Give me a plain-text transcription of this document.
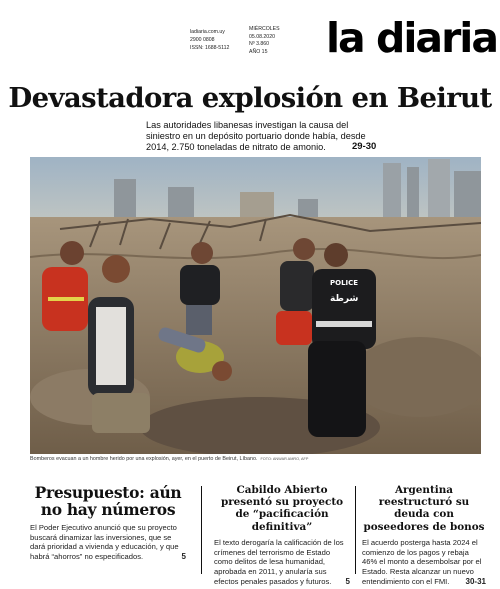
ladiaria.com.uy
2900 0808
ISSN: 1688-5112
MIÉRCOLES
05.08.2020
Nº 3.860
AÑO 15 la diaria
Devastadora explosión en Beirut

Las autoridades libanesas investigan la causa del siniestro en un depósito portuario donde había, desde 2014, 2.750 toneladas de nitrato de amonio.	29-30
POLICE
شرطة
Bomberos evacuan a un hombre herido por una explosión, ayer, en el puerto de Beirut, Líbano. FOTO: ANWAR AMRO, AFP
Presupuesto: aún no hay números

El Poder Ejecutivo anunció que su proyecto buscará dinamizar las inversiones, que se dará prioridad a vivienda y educación, y que habrá “ahorros” no especificados.	5

Cabildo Abierto presentó su proyecto de “pacificación definitiva”

El texto derogaría la calificación de los crímenes del terrorismo de Estado como delitos de lesa humanidad, aprobada en 2011, y anularía sus efectos penales pasados y futuros. 5

Argentina reestructuró su deuda con poseedores de bonos

El acuerdo posterga hasta 2024 el comienzo de los pagos y rebaja 46% el monto a desembolsar por el Estado. Resta alcanzar un nuevo entendimiento con el FMI. 30-31
